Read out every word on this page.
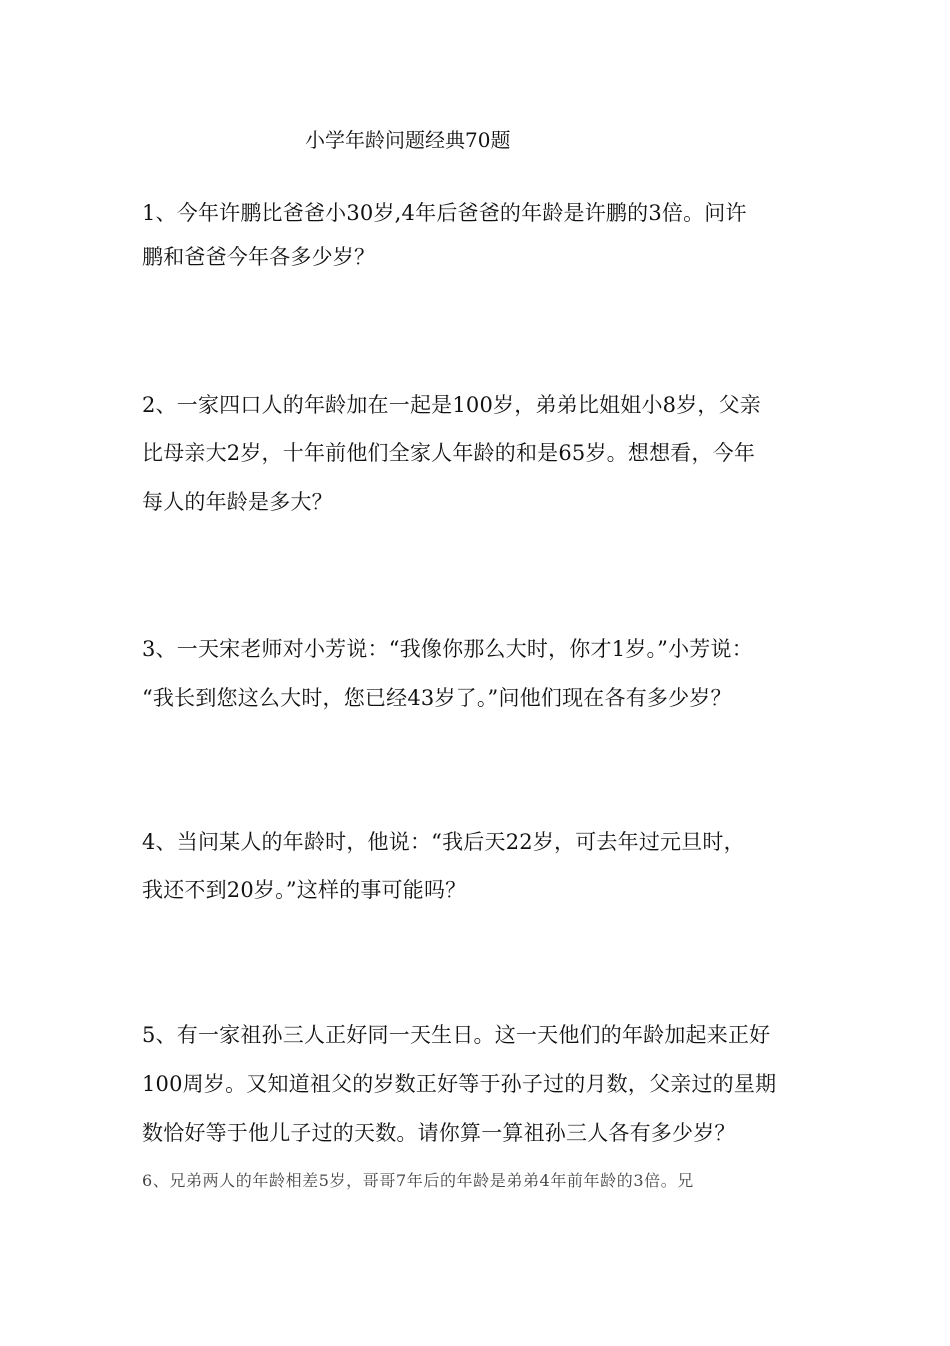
小学年龄问题经典70题
1、今年许鹏比爸爸小30岁,4年后爸爸的年龄是许鹏的3倍。问许
鹏和爸爸今年各多少岁？
2、一家四口人的年龄加在一起是100岁，弟弟比姐姐小8岁，父亲
比母亲大2岁，十年前他们全家人年龄的和是65岁。想想看，今年
每人的年龄是多大？
3、一天宋老师对小芳说：“我像你那么大时，你才1岁。”小芳说：
“我长到您这么大时，您已经43岁了。”问他们现在各有多少岁？
4、当问某人的年龄时，他说：“我后天22岁，可去年过元旦时，
我还不到20岁。”这样的事可能吗？
5、有一家祖孙三人正好同一天生日。这一天他们的年龄加起来正好
100周岁。又知道祖父的岁数正好等于孙子过的月数，父亲过的星期
数恰好等于他儿子过的天数。请你算一算祖孙三人各有多少岁？
6、兄弟两人的年龄相差5岁，哥哥7年后的年龄是弟弟4年前年龄的3倍。兄
